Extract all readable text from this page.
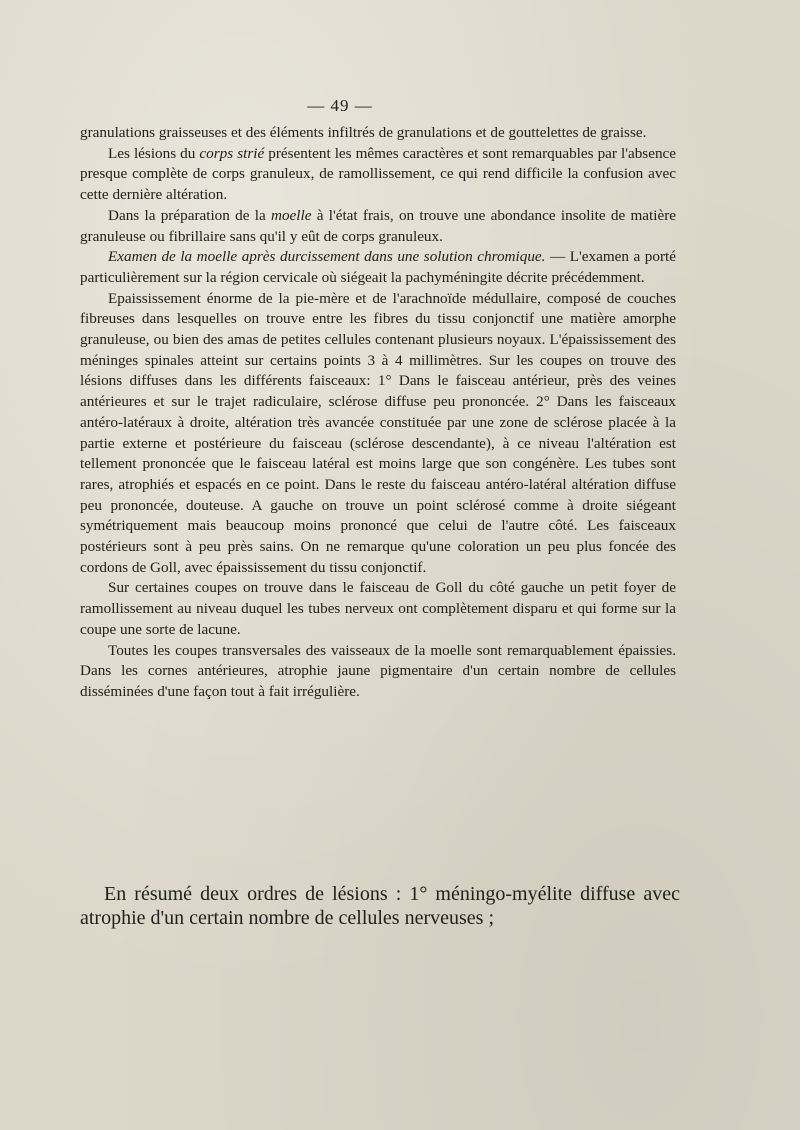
— 49 —

granulations graisseuses et des éléments infiltrés de granulations et de gouttelettes de graisse.

Les lésions du corps strié présentent les mêmes caractères et sont remarquables par l'absence presque complète de corps granuleux, de ramollissement, ce qui rend difficile la confusion avec cette dernière altération.

Dans la préparation de la moelle à l'état frais, on trouve une abondance insolite de matière granuleuse ou fibrillaire sans qu'il y eût de corps granuleux.

Examen de la moelle après durcissement dans une solution chromique. — L'examen a porté particulièrement sur la région cervicale où siégeait la pachyméningite décrite précédemment.

Epaississement énorme de la pie-mère et de l'arachnoïde médullaire, composé de couches fibreuses dans lesquelles on trouve entre les fibres du tissu conjonctif une matière amorphe granuleuse, ou bien des amas de petites cellules contenant plusieurs noyaux. L'épaississement des méninges spinales atteint sur certains points 3 à 4 millimètres. Sur les coupes on trouve des lésions diffuses dans les différents faisceaux: 1° Dans le faisceau antérieur, près des veines antérieures et sur le trajet radiculaire, sclérose diffuse peu prononcée. 2° Dans les faisceaux antéro-latéraux à droite, altération très avancée constituée par une zone de sclérose placée à la partie externe et postérieure du faisceau (sclérose descendante), à ce niveau l'altération est tellement prononcée que le faisceau latéral est moins large que son congénère. Les tubes sont rares, atrophiés et espacés en ce point. Dans le reste du faisceau antéro-latéral altération diffuse peu prononcée, douteuse. A gauche on trouve un point sclérosé comme à droite siégeant symétriquement mais beaucoup moins prononcé que celui de l'autre côté. Les faisceaux postérieurs sont à peu près sains. On ne remarque qu'une coloration un peu plus foncée des cordons de Goll, avec épaississement du tissu conjonctif.

Sur certaines coupes on trouve dans le faisceau de Goll du côté gauche un petit foyer de ramollissement au niveau duquel les tubes nerveux ont complètement disparu et qui forme sur la coupe une sorte de lacune.

Toutes les coupes transversales des vaisseaux de la moelle sont remarquablement épaissies. Dans les cornes antérieures, atrophie jaune pigmentaire d'un certain nombre de cellules disséminées d'une façon tout à fait irrégulière.

En résumé deux ordres de lésions : 1° méningo-myélite diffuse avec atrophie d'un certain nombre de cellules nerveuses ;
